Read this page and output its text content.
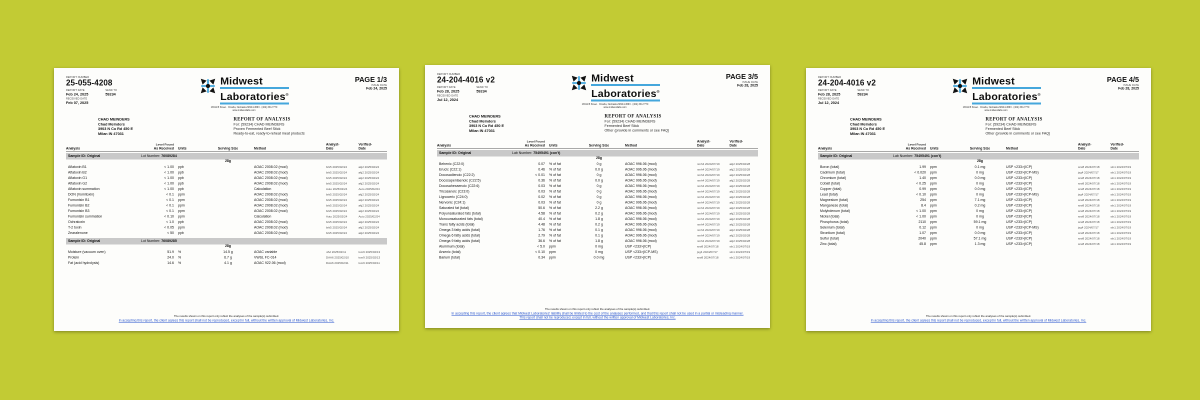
REPORT NUMBER
25-055-4208
REPORT DATE
Feb 24, 2025
SEND TO
59234
RECEIVED DATE
Feb 07, 2025
Midwest
Laboratories®
13611 B Street · Omaha, Nebraska 68144-3693 · (402) 334-7770
www.midwestlabs.com
PAGE 1/3
ISSUE DATE
Feb 24, 2025
CHAD MEINDERS
Chad Meinders
3903 N Co Rd 450 E
Milan IN 47031
REPORT OF ANALYSIS
For: (59234) CHAD MEINDERS
Proven Fermented Beef Stick
Ready-to-eat, ready-to-reheat meat products
Analysis
Level Found
As Received Units	Serving Size	Method
Analyst-
Date
Verified-
Date
Sample ID: Original	Lot Number: 76089284
28g
Aflatoxin B1	< 1.00 ppb	AOAC 2008.02 (mod)	brk5 2025/02/24	akj2 2025/02/24
Aflatoxin B2	< 1.00 ppb	AOAC 2008.02 (mod)	brk5 2025/02/24	akj2 2025/02/24
Aflatoxin G1	< 1.00 ppb	AOAC 2008.02 (mod)	brk5 2025/02/24	akj2 2025/02/24
Aflatoxin G2	< 1.00 ppb	AOAC 2008.02 (mod)	brk5 2025/02/24	akj2 2025/02/24
Aflatoxin summation	< 1.00 ppb	Calculation	Auto 2025/02/24	Auto 2025/02/24
DON (Vomitoxin)	< 0.1 ppm	AOAC 2008.02 (mod)	brk5 2025/02/24	akj2 2025/02/24
Fumonisin B1	< 0.1 ppm	AOAC 2008.02 (mod)	brk5 2025/02/24	akj2 2025/02/24
Fumonisin B2	< 0.1 ppm	AOAC 2008.02 (mod)	brk5 2025/02/24	akj2 2025/02/24
Fumonisin B3	< 0.1 ppm	AOAC 2008.02 (mod)	brk5 2025/02/24	akj2 2025/02/24
Fumonisin summation	< 0.10 ppm	Calculation	Auto 2025/02/24	Auto 2025/02/24
Ochratoxin	< 1.0 ppb	AOAC 2008.02 (mod)	brk5 2025/02/24	akj2 2025/02/24
T-2 toxin	< 0.05 ppm	AOAC 2008.02 (mod)	brk5 2025/02/24	akj2 2025/02/24
Zearalenone	< 50 ppb	AOAC 2008.02 (mod)	brk5 2025/02/24	akj2 2025/02/24
Sample ID: Original	Lot Number: 76089285
28g
Moisture (vacuum oven)	51.9 %	14.5 g	AOAC variable	JA2 2025/02/11	tsm9 2025/02/13
Protein	24.0 %	6.7 g	VWSL FC-014	DAA6 2025/02/10	tsm9 2025/02/13
Fat (acid hydrolysis)	14.6 %	4.1 g	AOAC 922.06 (mod)	DAA6 2025/02/11	tsm9 2025/02/11
The results shown on this report only reflect the analyses of the sample(s) submitted.
In accepting this report, the client agrees this report shall not be reproduced, except in full, without the written approval of Midwest Laboratories, Inc.
REPORT NUMBER
24-204-4016 v2
REPORT DATE
Feb 28, 2025
SEND TO
59234
RECEIVED DATE
Jul 12, 2024
Midwest
Laboratories®
13611 B Street · Omaha, Nebraska 68144-3693 · (402) 334-7770
www.midwestlabs.com
PAGE 3/5
ISSUE DATE
Feb 28, 2025
CHAD MEINDERS
Chad Meinders
3903 N Co Rd 450 E
Milan IN 47031
REPORT OF ANALYSIS
For: (59234) CHAD MEINDERS
Fermented Beef Stick
Other (provide in comments or see FAQ)
Analysis
Level Found
As Received Units	Serving Size	Method
Analyst-
Date
Verified-
Date
Sample ID: Original	Lab Number: 75495491 (con't)
28g
Behenic (C22:0)	0.07 % of fat	0 g	AOAC 996.06 (mod)	nmh4 2024/07/19	akj2 2025/02/28
Erucic (C22:1)	0.46 % of fat	0.0 g	AOAC 996.06 (mod)	nmh4 2024/07/19	akj2 2025/02/28
Docosadienoic (C22:2)	< 0.01 % of fat	0 g	AOAC 996.06 (mod)	nmh4 2024/07/19	akj2 2025/02/28
Docosapentaenoic (C22:5)	0.36 % of fat	0.0 g	AOAC 996.06 (mod)	nmh4 2024/07/19	akj2 2025/02/28
Docosahexaenoic (C22:6)	0.03 % of fat	0 g	AOAC 996.06 (mod)	nmh4 2024/07/19	akj2 2025/02/28
Tricosanoic (C23:0)	0.03 % of fat	0 g	AOAC 996.06 (mod)	nmh4 2024/07/19	akj2 2025/02/28
Lignoceric (C24:0)	0.02 % of fat	0 g	AOAC 996.06 (mod)	nmh4 2024/07/19	akj2 2025/02/28
Nervonic (C24:1)	0.03 % of fat	0 g	AOAC 996.06 (mod)	nmh4 2024/07/19	akj2 2025/02/28
Saturated fat (total)	50.6 % of fat	2.2 g	AOAC 996.06 (mod)	nmh4 2024/07/19	akj2 2025/02/28
Polyunsaturated fats (total)	4.58 % of fat	0.2 g	AOAC 996.06 (mod)	nmh4 2024/07/19	akj2 2025/02/28
Monounsaturated fats (total)	40.4 % of fat	1.8 g	AOAC 996.06 (mod)	nmh4 2024/07/19	akj2 2025/02/28
Trans fatty acids (total)	4.48 % of fat	0.2 g	AOAC 996.06 (mod)	nmh4 2024/07/19	akj2 2025/02/28
Omega 3 fatty acids (total)	1.76 % of fat	0.1 g	AOAC 996.06 (mod)	nmh4 2024/07/19	akj2 2025/02/28
Omega 6 fatty acids (total)	2.79 % of fat	0.1 g	AOAC 996.06 (mod)	nmh4 2024/07/19	akj2 2025/02/28
Omega 9 fatty acids (total)	36.6 % of fat	1.8 g	AOAC 996.06 (mod)	nmh4 2024/07/19	akj2 2025/02/28
Aluminum (total)	< 5.0 ppm	0 mg	USP <233>(ICP)	srw8 2024/07/18	sln1 2024/07/19
Arsenic (total)	< 0.10 ppm	0 mg	USP <233>(ICP-MS)	jsg4 2024/07/17	sln1 2024/07/19
Barium (total)	0.34 ppm	0.0 mg	USP <233>(ICP)	srw8 2024/07/18	sln1 2024/07/19
The results shown on this report only reflect the analyses of the sample(s) submitted.
In accepting this report, the client agrees that Midwest Laboratories' liability shall be limited to the cost of the analyses performed, and that this report shall not be used in a partial or misleading manner.
This report shall not be reproduced, except in full, without the written approval of Midwest Laboratories, Inc.
REPORT NUMBER
24-204-4016 v2
REPORT DATE
Feb 28, 2025
SEND TO
59234
RECEIVED DATE
Jul 12, 2024
Midwest
Laboratories®
13611 B Street · Omaha, Nebraska 68144-3693 · (402) 334-7770
www.midwestlabs.com
PAGE 4/5
ISSUE DATE
Feb 28, 2025
CHAD MEINDERS
Chad Meinders
3903 N Co Rd 450 E
Milan IN 47031
REPORT OF ANALYSIS
For: (59234) CHAD MEINDERS
Fermented Beef Stick
Other (provide in comments or see FAQ)
Analysis
Level Found
As Received Units	Serving Size	Method
Analyst-
Date
Verified-
Date
Sample ID: Original	Lab Number: 75495491 (con't)
28g
Boron (total)	1.99 ppm	0.1 mg	USP <233>(ICP)	srw8 2024/07/18	sln1 2024/07/19
Cadmium (total)	< 0.020 ppm	0 mg	USP <233>(ICP-MS)	jsg4 2024/07/17	sln1 2024/07/19
Chromium (total)	1.40 ppm	0.0 mg	USP <233>(ICP)	srw8 2024/07/18	sln1 2024/07/19
Cobalt (total)	< 0.25 ppm	0 mg	USP <233>(ICP)	srw8 2024/07/18	sln1 2024/07/19
Copper (total)	0.99 ppm	0.0 mg	USP <233>(ICP)	srw8 2024/07/18	sln1 2024/07/19
Lead (total)	< 0.10 ppm	0 mg	USP <233>(ICP-MS)	jsg4 2024/07/17	sln1 2024/07/19
Magnesium (total)	254 ppm	7.1 mg	USP <233>(ICP)	srw8 2024/07/18	sln1 2024/07/19
Manganese (total)	8.4 ppm	0.2 mg	USP <233>(ICP)	srw8 2024/07/18	sln1 2024/07/19
Molybdenum (total)	< 1.00 ppm	0 mg	USP <233>(ICP)	srw8 2024/07/18	sln1 2024/07/19
Nickel (total)	< 1.00 ppm	0 mg	USP <233>(ICP)	srw8 2024/07/18	sln1 2024/07/19
Phosphorus (total)	2110 ppm	59.1 mg	USP <233>(ICP)	srw8 2024/07/18	sln1 2024/07/19
Selenium (total)	0.12 ppm	0 mg	USP <233>(ICP-MS)	jsg4 2024/07/17	sln1 2024/07/19
Strontium (total)	1.07 ppm	0.0 mg	USP <233>(ICP)	srw8 2024/07/18	sln1 2024/07/19
Sulfur (total)	2040 ppm	57.1 mg	USP <233>(ICP)	srw8 2024/07/18	sln1 2024/07/19
Zinc (total)	45.8 ppm	1.3 mg	USP <233>(ICP)	srw8 2024/07/18	sln1 2024/07/19
The results shown on this report only reflect the analyses of the sample(s) submitted.
In accepting this report, the client agrees this report shall not be reproduced, except in full, without the written approval of Midwest Laboratories, Inc.
